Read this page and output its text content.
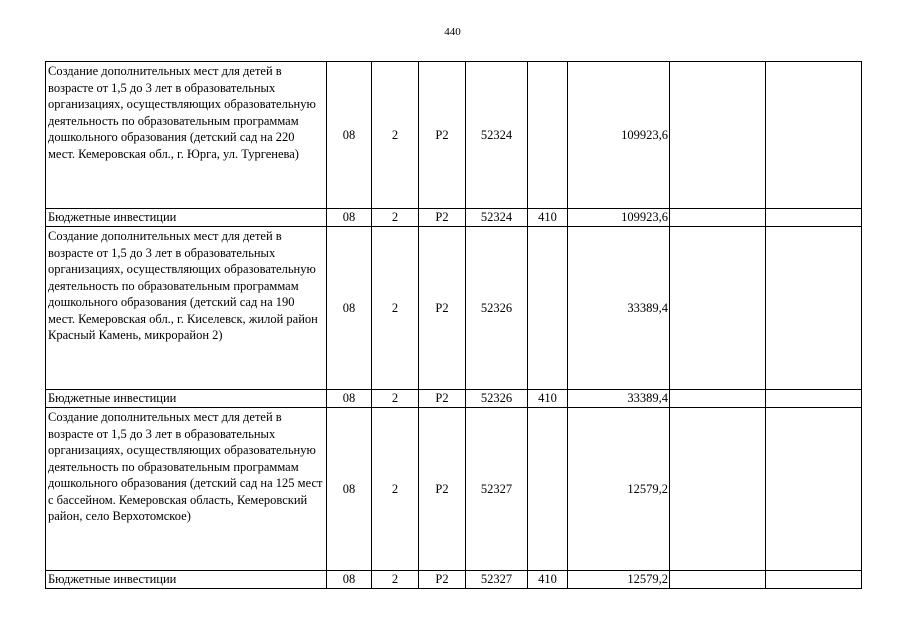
440
Создание дополнительных мест для детей в возрасте от 1,5 до 3 лет в образовательных организациях, осуществляющих образовательную деятельность по образовательным программам дошкольного образования (детский сад на 220 мест. Кемеровская обл., г. Юрга, ул. Тургенева)	08	2	P2	52324		109923,6		
Бюджетные инвестиции	08	2	P2	52324	410	109923,6		
Создание дополнительных мест для детей в возрасте от 1,5 до 3 лет в образовательных организациях, осуществляющих образовательную деятельность по образовательным программам дошкольного образования (детский сад на 190 мест. Кемеровская обл., г. Киселевск, жилой район Красный Камень, микрорайон 2)	08	2	P2	52326		33389,4		
Бюджетные инвестиции	08	2	P2	52326	410	33389,4		
Создание дополнительных мест для детей в возрасте от 1,5 до 3 лет в образовательных организациях, осуществляющих образовательную деятельность по образовательным программам дошкольного образования (детский сад на 125 мест с бассейном. Кемеровская область, Кемеровский район, село Верхотомское)	08	2	P2	52327		12579,2		
Бюджетные инвестиции	08	2	P2	52327	410	12579,2		
